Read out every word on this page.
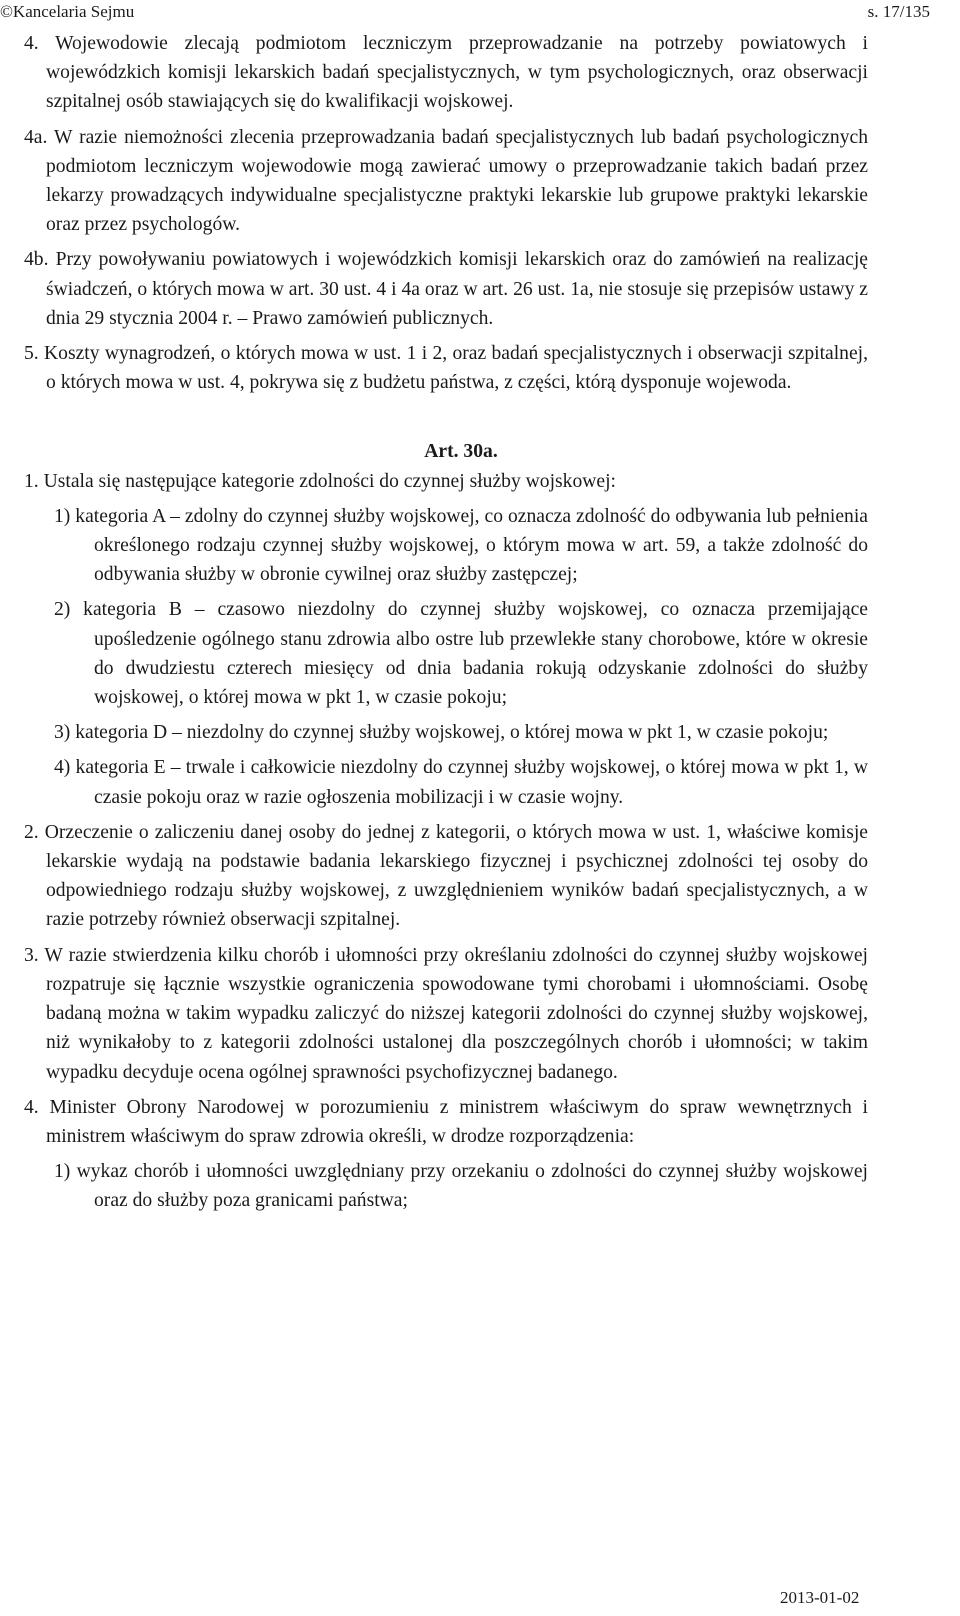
©Kancelaria Sejmu	s. 17/135

4. Wojewodowie zlecają podmiotom leczniczym przeprowadzanie na potrzeby powiatowych i wojewódzkich komisji lekarskich badań specjalistycznych, w tym psychologicznych, oraz obserwacji szpitalnej osób stawiających się do kwalifikacji wojskowej.

4a. W razie niemożności zlecenia przeprowadzania badań specjalistycznych lub badań psychologicznych podmiotom leczniczym wojewodowie mogą zawierać umowy o przeprowadzanie takich badań przez lekarzy prowadzących indywidualne specjalistyczne praktyki lekarskie lub grupowe praktyki lekarskie oraz przez psychologów.

4b. Przy powoływaniu powiatowych i wojewódzkich komisji lekarskich oraz do zamówień na realizację świadczeń, o których mowa w art. 30 ust. 4 i 4a oraz w art. 26 ust. 1a, nie stosuje się przepisów ustawy z dnia 29 stycznia 2004 r. – Prawo zamówień publicznych.

5. Koszty wynagrodzeń, o których mowa w ust. 1 i 2, oraz badań specjalistycznych i obserwacji szpitalnej, o których mowa w ust. 4, pokrywa się z budżetu państwa, z części, którą dysponuje wojewoda.

Art. 30a.

1. Ustala się następujące kategorie zdolności do czynnej służby wojskowej:

1) kategoria A – zdolny do czynnej służby wojskowej, co oznacza zdolność do odbywania lub pełnienia określonego rodzaju czynnej służby wojskowej, o którym mowa w art. 59, a także zdolność do odbywania służby w obronie cywilnej oraz służby zastępczej;

2) kategoria B – czasowo niezdolny do czynnej służby wojskowej, co oznacza przemijające upośledzenie ogólnego stanu zdrowia albo ostre lub przewlekłe stany chorobowe, które w okresie do dwudziestu czterech miesięcy od dnia badania rokują odzyskanie zdolności do służby wojskowej, o której mowa w pkt 1, w czasie pokoju;

3) kategoria D – niezdolny do czynnej służby wojskowej, o której mowa w pkt 1, w czasie pokoju;

4) kategoria E – trwale i całkowicie niezdolny do czynnej służby wojskowej, o której mowa w pkt 1, w czasie pokoju oraz w razie ogłoszenia mobilizacji i w czasie wojny.

2. Orzeczenie o zaliczeniu danej osoby do jednej z kategorii, o których mowa w ust. 1, właściwe komisje lekarskie wydają na podstawie badania lekarskiego fizycznej i psychicznej zdolności tej osoby do odpowiedniego rodzaju służby wojskowej, z uwzględnieniem wyników badań specjalistycznych, a w razie potrzeby również obserwacji szpitalnej.

3. W razie stwierdzenia kilku chorób i ułomności przy określaniu zdolności do czynnej służby wojskowej rozpatruje się łącznie wszystkie ograniczenia spowodowane tymi chorobami i ułomnościami. Osobę badaną można w takim wypadku zaliczyć do niższej kategorii zdolności do czynnej służby wojskowej, niż wynikałoby to z kategorii zdolności ustalonej dla poszczególnych chorób i ułomności; w takim wypadku decyduje ocena ogólnej sprawności psychofizycznej badanego.

4. Minister Obrony Narodowej w porozumieniu z ministrem właściwym do spraw wewnętrznych i ministrem właściwym do spraw zdrowia określi, w drodze rozporządzenia:

1) wykaz chorób i ułomności uwzględniany przy orzekaniu o zdolności do czynnej służby wojskowej oraz do służby poza granicami państwa;

2013-01-02
